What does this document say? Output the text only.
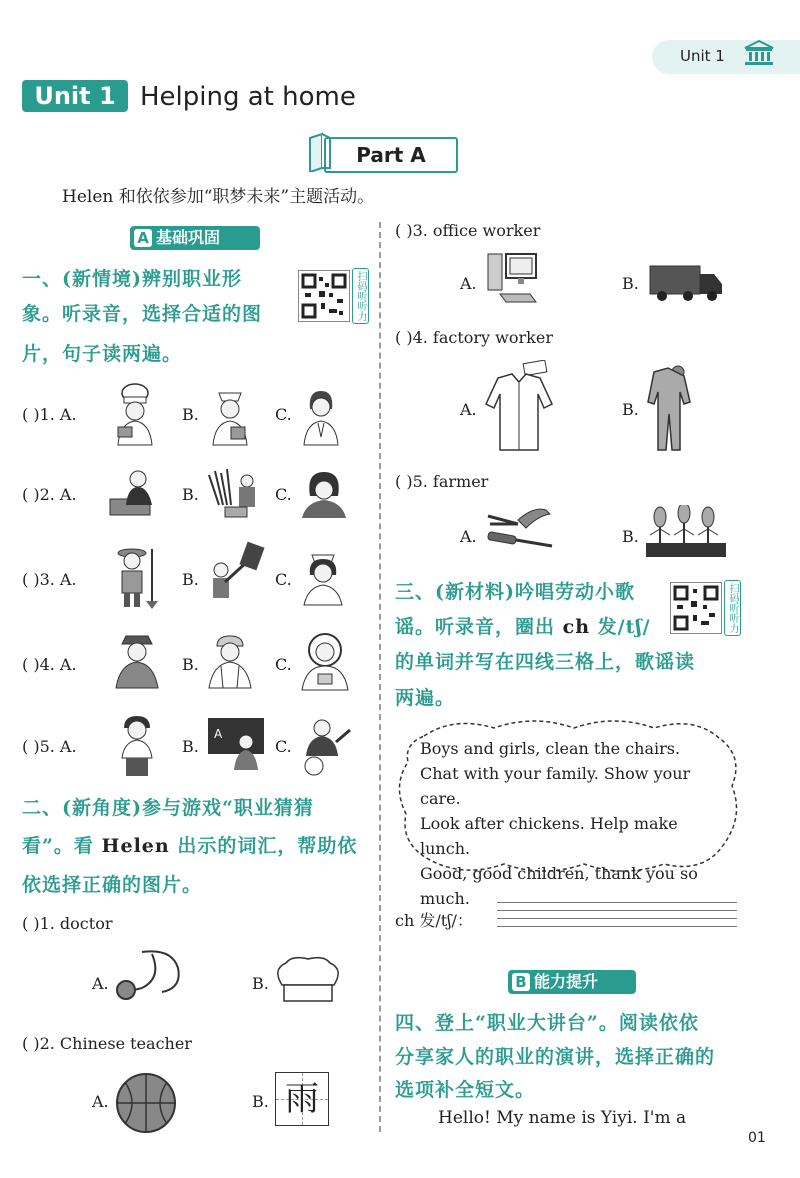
Unit 1
Unit 1 Helping at home
Part A
Helen 和依依参加“职梦未来”主题活动。
A 基础巩固
一、(新情境)辨别职业形
象。听录音，选择合适的图
片，句子读两遍。
扫码听听力
( )1. A.	B.	C.
( )2. A.	B.	C.
( )3. A.	B.	C.
( )4. A.	B.	C.
( )5. A.	B.	C.
A
二、(新角度)参与游戏“职业猜猜
看”。看 Helen 出示的词汇，帮助依
依选择正确的图片。
( )1. doctor
A.	B.
( )2. Chinese teacher
A.	B. 雨
( )3. office worker
A.	B.
( )4. factory worker
A.	B.
( )5. farmer
A.	B.
三、(新材料)吟唱劳动小歌
谣。听录音，圈出 ch 发/tʃ/
的单词并写在四线三格上，歌谣读
两遍。
扫码听听力
Boys and girls, clean the chairs.
Chat with your family. Show your care.
Look after chickens. Help make lunch.
Good, good children, thank you so
much.
ch 发/tʃ/：
B 能力提升
四、登上“职业大讲台”。阅读依依
分享家人的职业的演讲，选择正确的
选项补全短文。
Hello! My name is Yiyi. I'm a
01
